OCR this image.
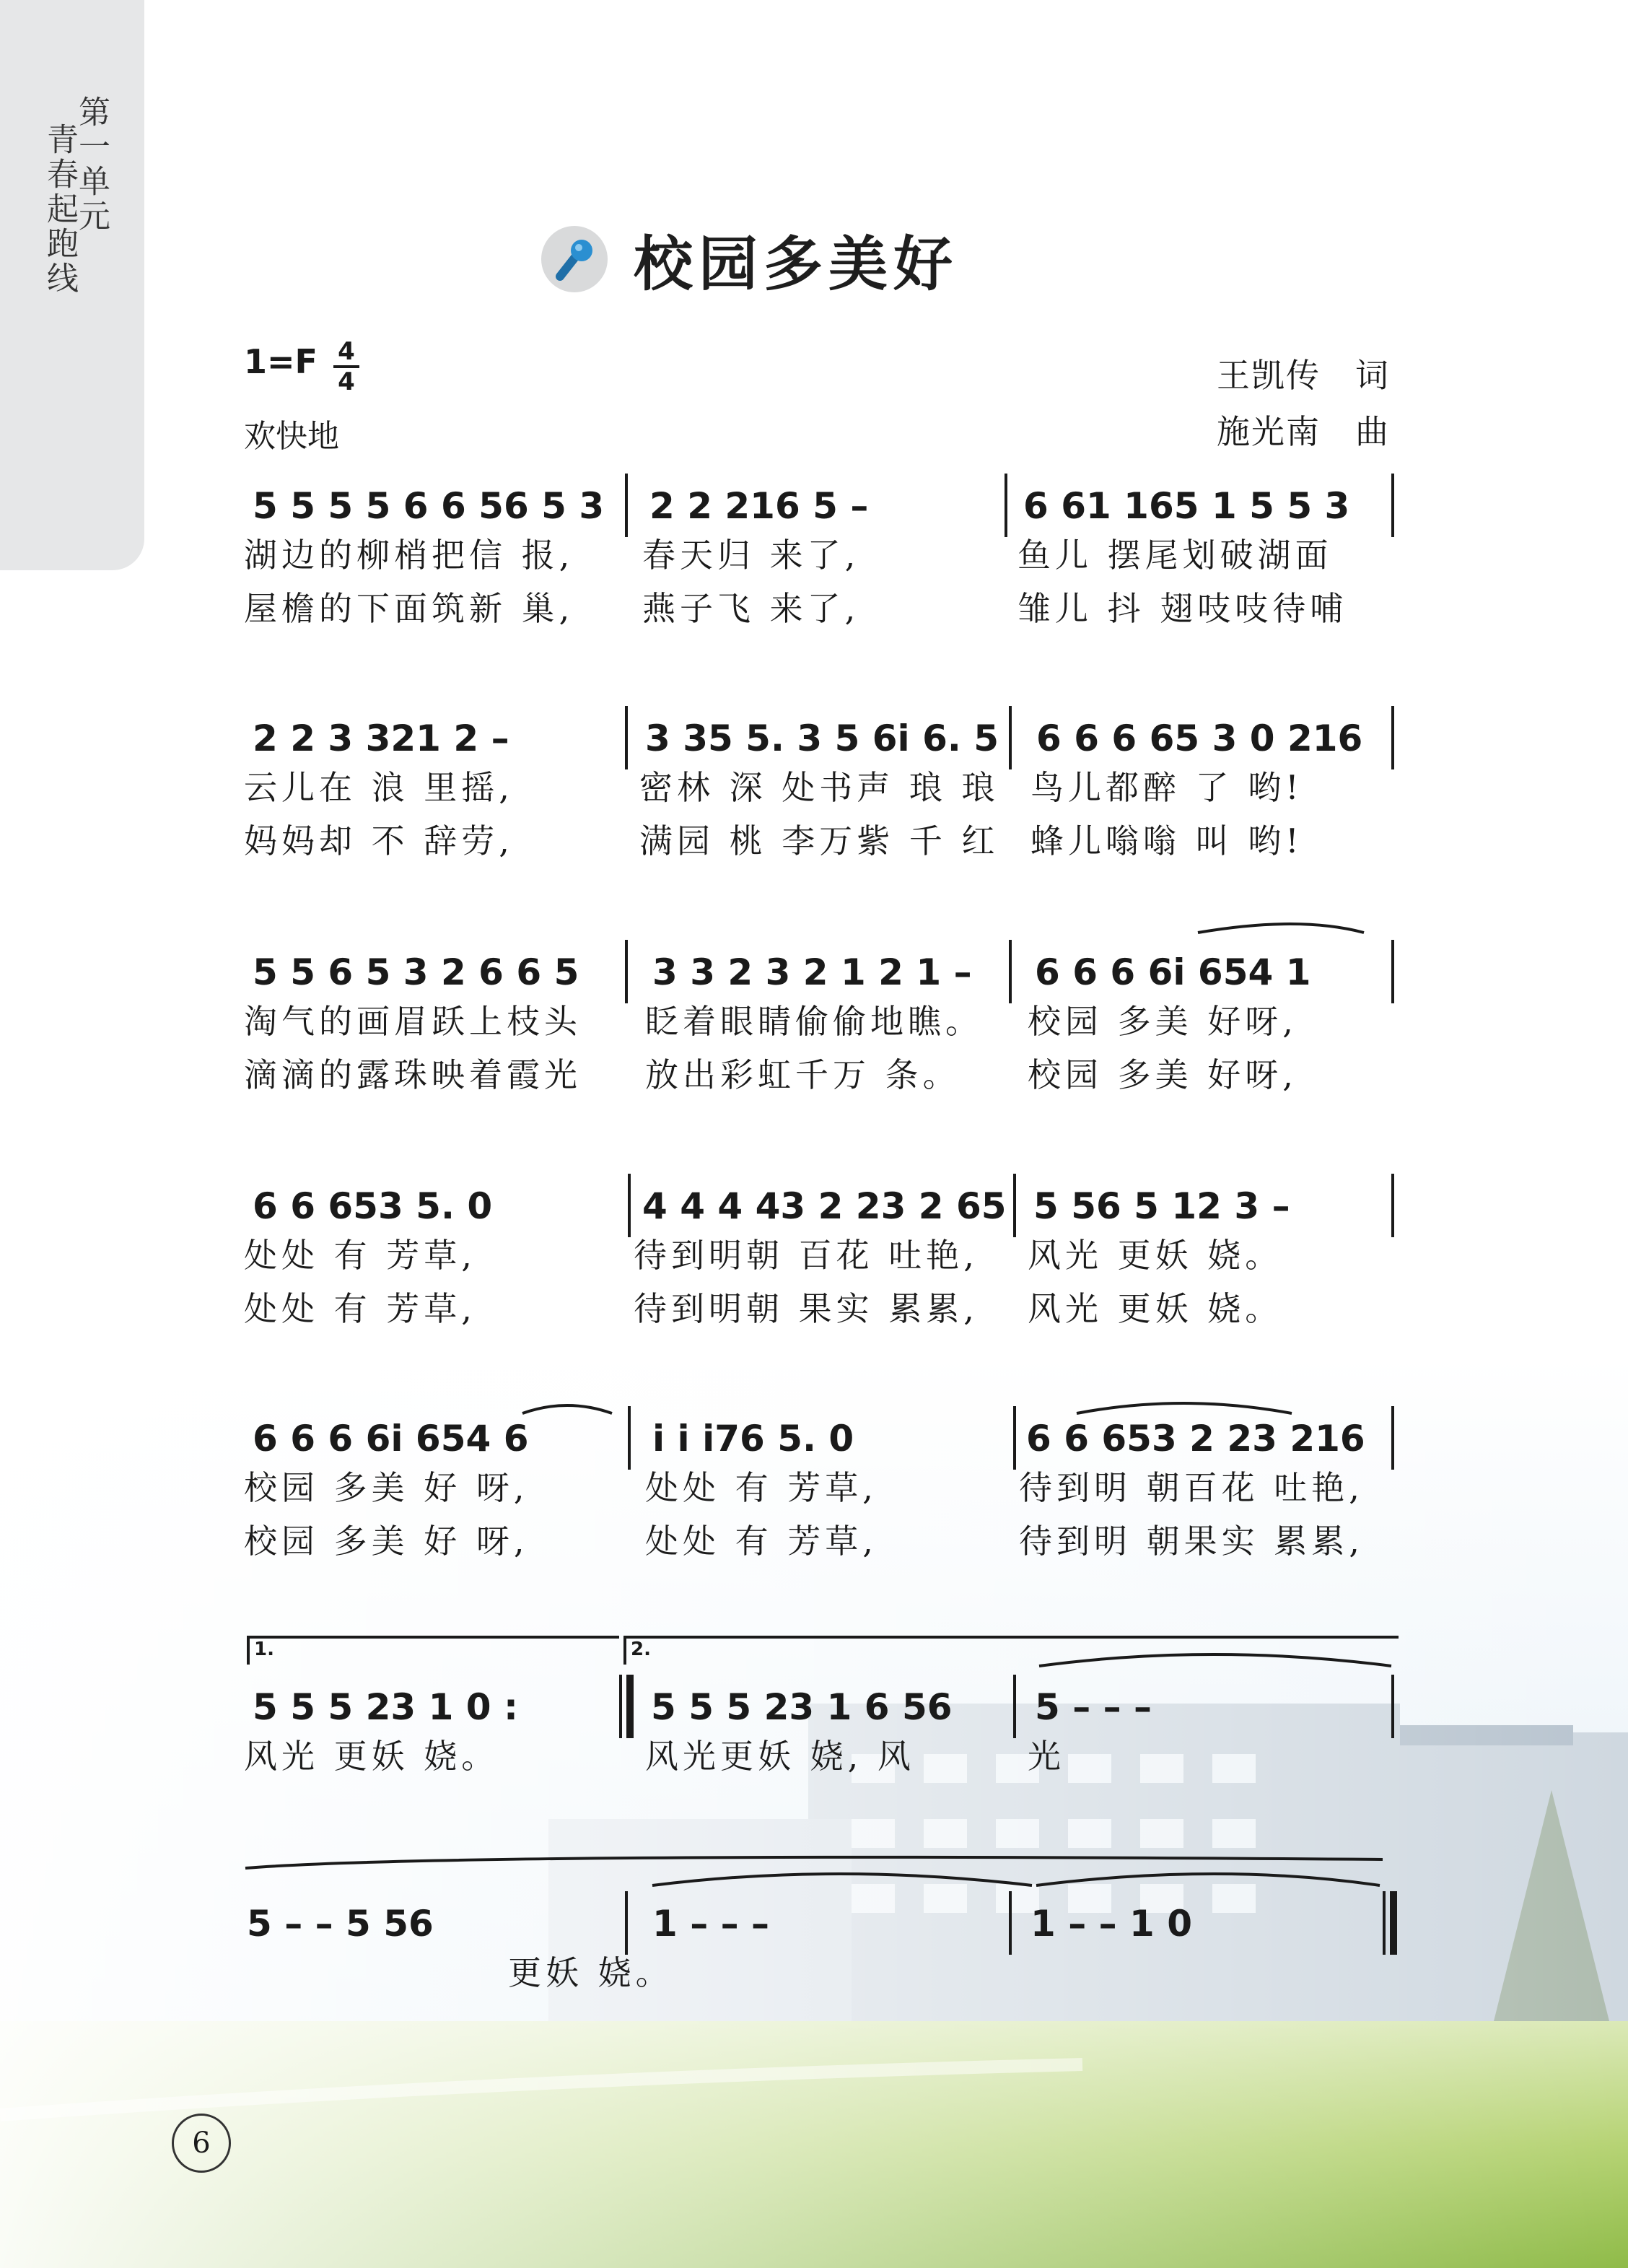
第一单元
青春起跑线	校园多美好
1=F 4
4
欢快地
王凯传　词
施光南　曲
5 5 5 5 6 6 56 5 3 2 2 216 5 –	6 61 165 1 5 5 3
湖边的柳梢把信 报, 春天归 来了,	鱼儿 摆尾划破湖面
屋檐的下面筑新 巢, 燕子飞 来了,	雏儿 抖 翅吱吱待哺
2 2 3 321 2 –	3 35 5. 3 5 6i 6. 5 6 6 6 65 3 0 216
云儿在 浪 里摇,	密林 深 处书声 琅 琅 鸟儿都醉 了 哟!
妈妈却 不 辞劳,	满园 桃 李万紫 千 红 蜂儿嗡嗡 叫 哟!
5 5 6 5 3 2 6 6 5 3 3 2 3 2 1 2 1 – 6 6 6 6i 654 1
淘气的画眉跃上枝头 眨着眼睛偷偷地瞧。 校园 多美 好呀,
滴滴的露珠映着霞光 放出彩虹千万 条。 校园 多美 好呀,
6 6 653 5. 0	4 4 4 43 2 23 2 65 5 56 5 12 3 –
处处 有 芳草,	待到明朝 百花 吐艳, 风光 更妖 娆。
处处 有 芳草,	待到明朝 果实 累累, 风光 更妖 娆。
6 6 6 6i 654 6	i i i76 5. 0	6 6 653 2 23 216
校园 多美 好 呀,	处处 有 芳草,	待到明 朝百花 吐艳,
校园 多美 好 呀,	处处 有 芳草,	待到明 朝果实 累累,
1.	2.
5 5 5 23 1 0 :	5 5 5 23 1 6 56 5 – – –
风光 更妖 娆。	风光更妖 娆, 风	光
5 – – 5 56	1 – – –	1 – – 1 0
更妖 娆。
6
